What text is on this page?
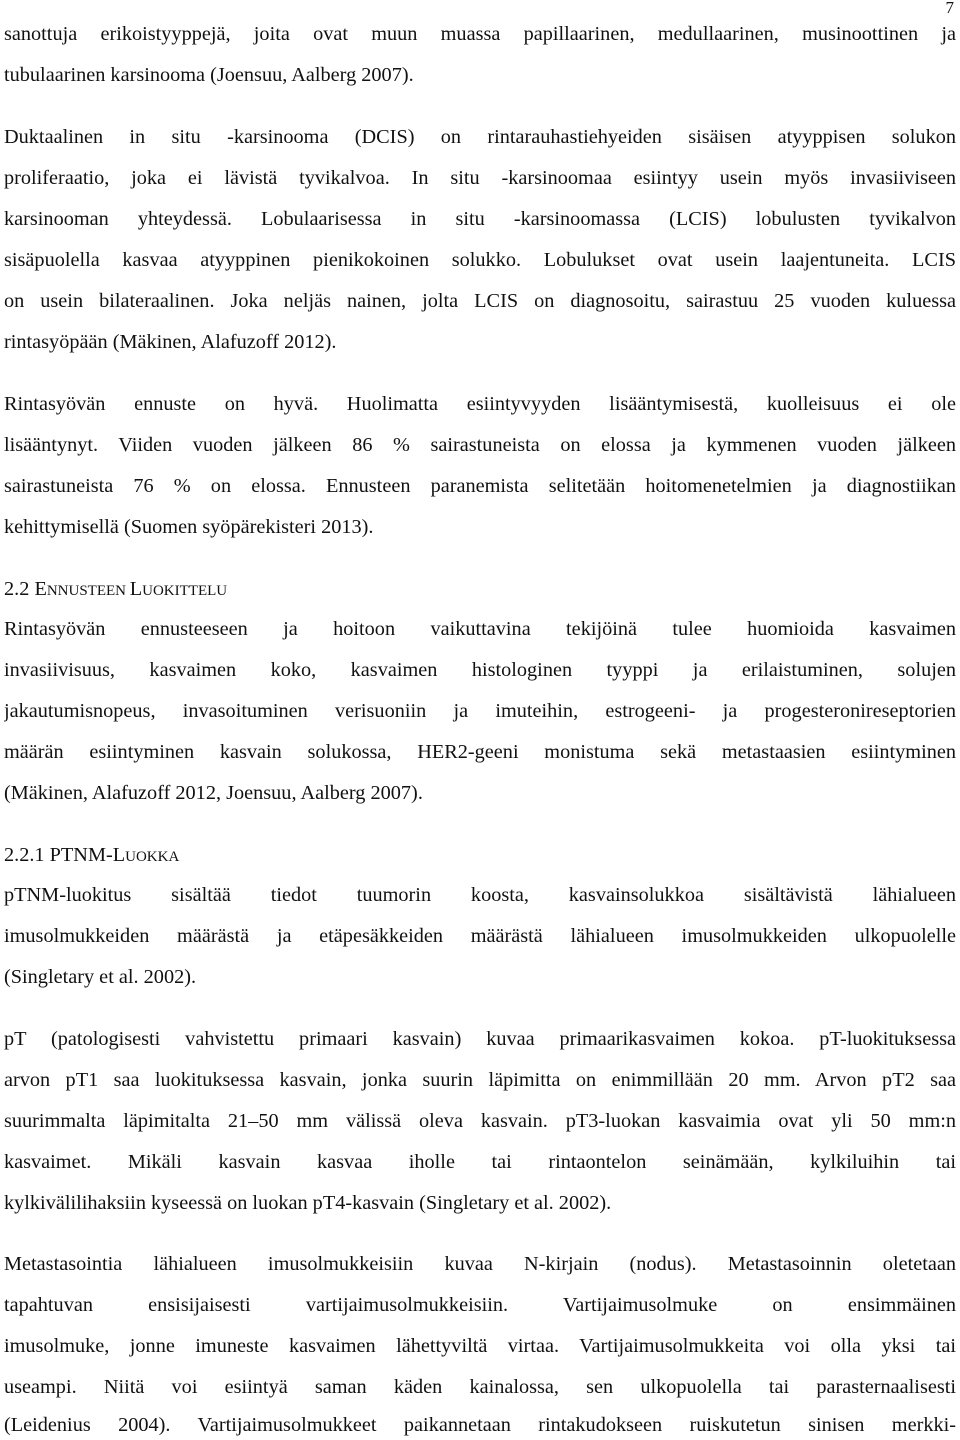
7
sanottuja erikoistyyppejä, joita ovat muun muassa papillaarinen, medullaarinen, musinoottinen ja
tubulaarinen karsinooma (Joensuu, Aalberg 2007).
Duktaalinen in situ -karsinooma (DCIS) on rintarauhastiehyeiden sisäisen atyyppisen solukon
proliferaatio, joka ei lävistä tyvikalvoa. In situ -karsinoomaa esiintyy usein myös invasiiviseen
karsinooman yhteydessä. Lobulaarisessa in situ -karsinoomassa (LCIS) lobulusten tyvikalvon
sisäpuolella kasvaa atyyppinen pienikokoinen solukko. Lobulukset ovat usein laajentuneita. LCIS
on usein bilateraalinen. Joka neljäs nainen, jolta LCIS on diagnosoitu, sairastuu 25 vuoden kuluessa
rintasyöpään (Mäkinen, Alafuzoff 2012).
Rintasyövän ennuste on hyvä. Huolimatta esiintyvyyden lisääntymisestä, kuolleisuus ei ole
lisääntynyt. Viiden vuoden jälkeen 86 % sairastuneista on elossa ja kymmenen vuoden jälkeen
sairastuneista 76 % on elossa. Ennusteen paranemista selitetään hoitomenetelmien ja diagnostiikan
kehittymisellä (Suomen syöpärekisteri 2013).
2.2 ENNUSTEEN LUOKITTELU
Rintasyövän ennusteeseen ja hoitoon vaikuttavina tekijöinä tulee huomioida kasvaimen
invasiivisuus, kasvaimen koko, kasvaimen histologinen tyyppi ja erilaistuminen, solujen
jakautumisnopeus, invasoituminen verisuoniin ja imuteihin, estrogeeni- ja progesteronireseptorien
määrän esiintyminen kasvain solukossa, HER2-geeni monistuma sekä metastaasien esiintyminen
(Mäkinen, Alafuzoff 2012, Joensuu, Aalberg 2007).
2.2.1 PTNM-LUOKKA
pTNM-luokitus sisältää tiedot tuumorin koosta, kasvainsolukkoa sisältävistä lähialueen
imusolmukkeiden määrästä ja etäpesäkkeiden määrästä lähialueen imusolmukkeiden ulkopuolelle
(Singletary et al. 2002).
pT (patologisesti vahvistettu primaari kasvain) kuvaa primaarikasvaimen kokoa. pT-luokituksessa
arvon pT1 saa luokituksessa kasvain, jonka suurin läpimitta on enimmillään 20 mm. Arvon pT2 saa
suurimmalta läpimitalta 21–50 mm välissä oleva kasvain. pT3-luokan kasvaimia ovat yli 50 mm:n
kasvaimet. Mikäli kasvain kasvaa iholle tai rintaontelon seinämään, kylkiluihin tai
kylkivälilihaksiin kyseessä on luokan pT4-kasvain (Singletary et al. 2002).
Metastasointia lähialueen imusolmukkeisiin kuvaa N-kirjain (nodus). Metastasoinnin oletetaan
tapahtuvan ensisijaisesti vartijaimusolmukkeisiin. Vartijaimusolmuke on ensimmäinen
imusolmuke, jonne imuneste kasvaimen lähettyviltä virtaa. Vartijaimusolmukkeita voi olla yksi tai
useampi. Niitä voi esiintyä saman käden kainalossa, sen ulkopuolella tai parasternaalisesti
(Leidenius 2004). Vartijaimusolmukkeet paikannetaan rintakudokseen ruiskutetun sinisen merkki-
